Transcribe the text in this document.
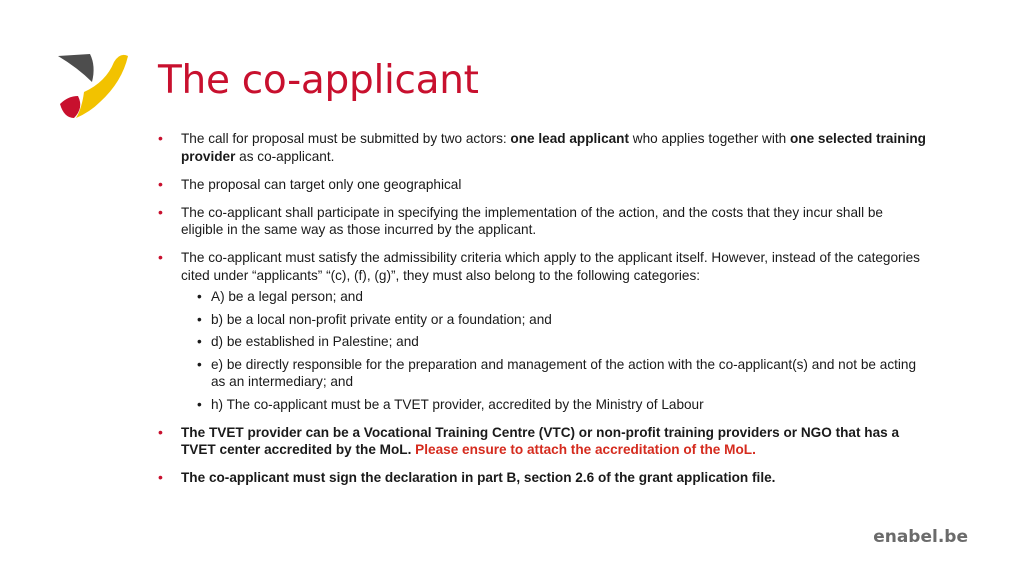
The co-applicant
• The call for proposal must be submitted by two actors: one lead applicant who applies together with one selected training provider as co-applicant.
• The proposal can target only one geographical
• The co-applicant shall participate in specifying the implementation of the action, and the costs that they incur shall be eligible in the same way as those incurred by the applicant.
• The co-applicant must satisfy the admissibility criteria which apply to the applicant itself. However, instead of the categories cited under “applicants” “(c), (f), (g)”, they must also belong to the following categories:
• A) be a legal person; and
• b) be a local non-profit private entity or a foundation; and
• d) be established in Palestine; and
• e) be directly responsible for the preparation and management of the action with the co-applicant(s) and not be acting as an intermediary; and
• h) The co-applicant must be a TVET provider, accredited by the Ministry of Labour
• The TVET provider can be a Vocational Training Centre (VTC) or non-profit training providers or NGO that has a TVET center accredited by the MoL. Please ensure to attach the accreditation of the MoL.
• The co-applicant must sign the declaration in part B, section 2.6 of the grant application file.
enabel.be
